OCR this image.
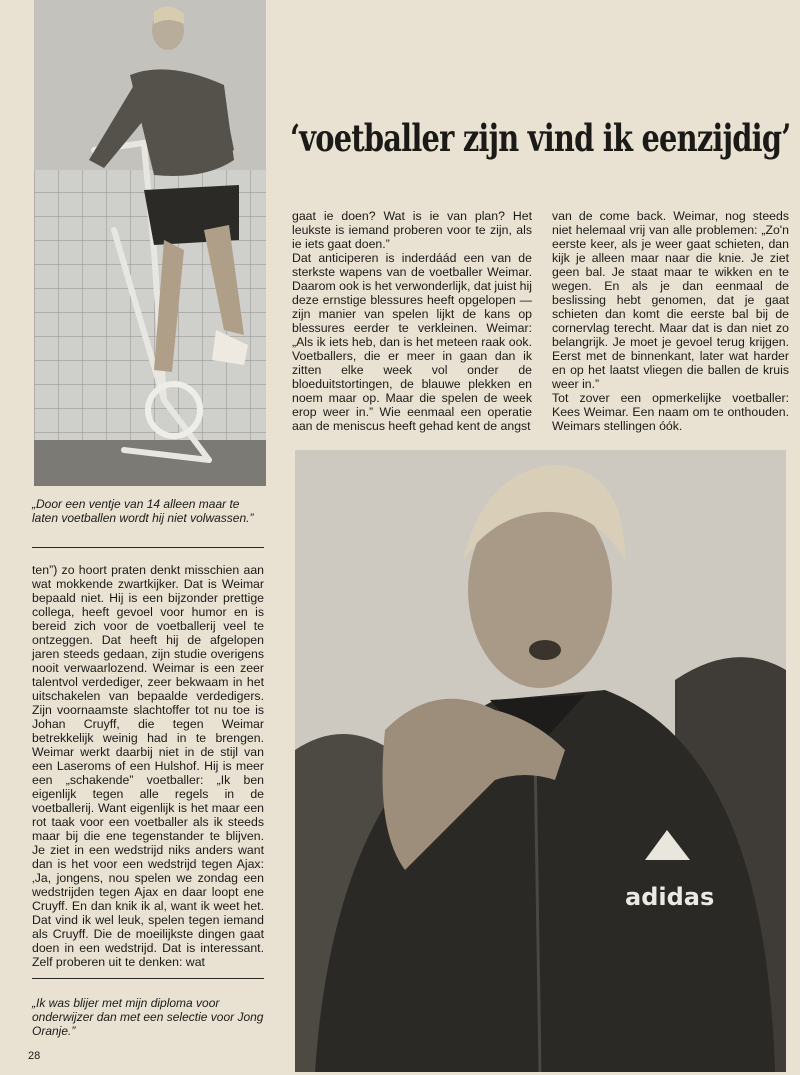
‘voetballer zijn vind ik eenzijdig’
„Door een ventje van 14 alleen maar te laten voetballen wordt hij niet volwassen.”

ten”) zo hoort praten denkt misschien aan wat mokkende zwartkijker. Dat is Weimar bepaald niet. Hij is een bijzonder prettige collega, heeft gevoel voor humor en is bereid zich voor de voetballerij veel te ontzeggen. Dat heeft hij de afgelopen jaren steeds gedaan, zijn studie overigens nooit verwaarlozend. Weimar is een zeer talentvol verdediger, zeer bekwaam in het uitschakelen van bepaalde verdedigers. Zijn voornaamste slachtoffer tot nu toe is Johan Cruyff, die tegen Weimar betrekkelijk weinig had in te brengen. Weimar werkt daarbij niet in de stijl van een Laseroms of een Hulshof. Hij is meer een „schakende” voetballer: „Ik ben eigenlijk tegen alle regels in de voetballerij. Want eigenlijk is het maar een rot taak voor een voetballer als ik steeds maar bij die ene tegenstander te blijven. Je ziet in een wedstrijd niks anders want dan is het voor een wedstrijd tegen Ajax: ‚Ja, jongens, nou spelen we zondag een wedstrijden tegen Ajax en daar loopt ene Cruyff. En dan knik ik al, want ik weet het. Dat vind ik wel leuk, spelen tegen iemand als Cruyff. Die de moeilijkste dingen gaat doen in een wedstrijd. Dat is interessant. Zelf proberen uit te denken: wat

„Ik was blijer met mijn diploma voor onderwijzer dan met een selectie voor Jong Oranje.”

gaat ie doen? Wat is ie van plan? Het leukste is iemand proberen voor te zijn, als ie iets gaat doen.”

Dat anticiperen is inderdáád een van de sterkste wapens van de voetballer Weimar. Daarom ook is het verwonderlijk, dat juist hij deze ernstige blessures heeft opgelopen — zijn manier van spelen lijkt de kans op blessures eerder te verkleinen. Weimar: „Als ik iets heb, dan is het meteen raak ook. Voetballers, die er meer in gaan dan ik zitten elke week vol onder de bloeduitstortingen, de blauwe plekken en noem maar op. Maar die spelen de week erop weer in.” Wie eenmaal een operatie aan de meniscus heeft gehad kent de angst

van de come back. Weimar, nog steeds niet helemaal vrij van alle problemen: „Zo'n eerste keer, als je weer gaat schieten, dan kijk je alleen maar naar die knie. Je ziet geen bal. Je staat maar te wikken en te wegen. En als je dan eenmaal de beslissing hebt genomen, dat je gaat schieten dan komt die eerste bal bij de cornervlag terecht. Maar dat is dan niet zo belangrijk. Je moet je gevoel terug krijgen. Eerst met de binnenkant, later wat harder en op het laatst vliegen die ballen de kruis weer in.”

Tot zover een opmerkelijke voetballer: Kees Weimar. Een naam om te onthouden. Weimars stellingen óók.

adidas
28
